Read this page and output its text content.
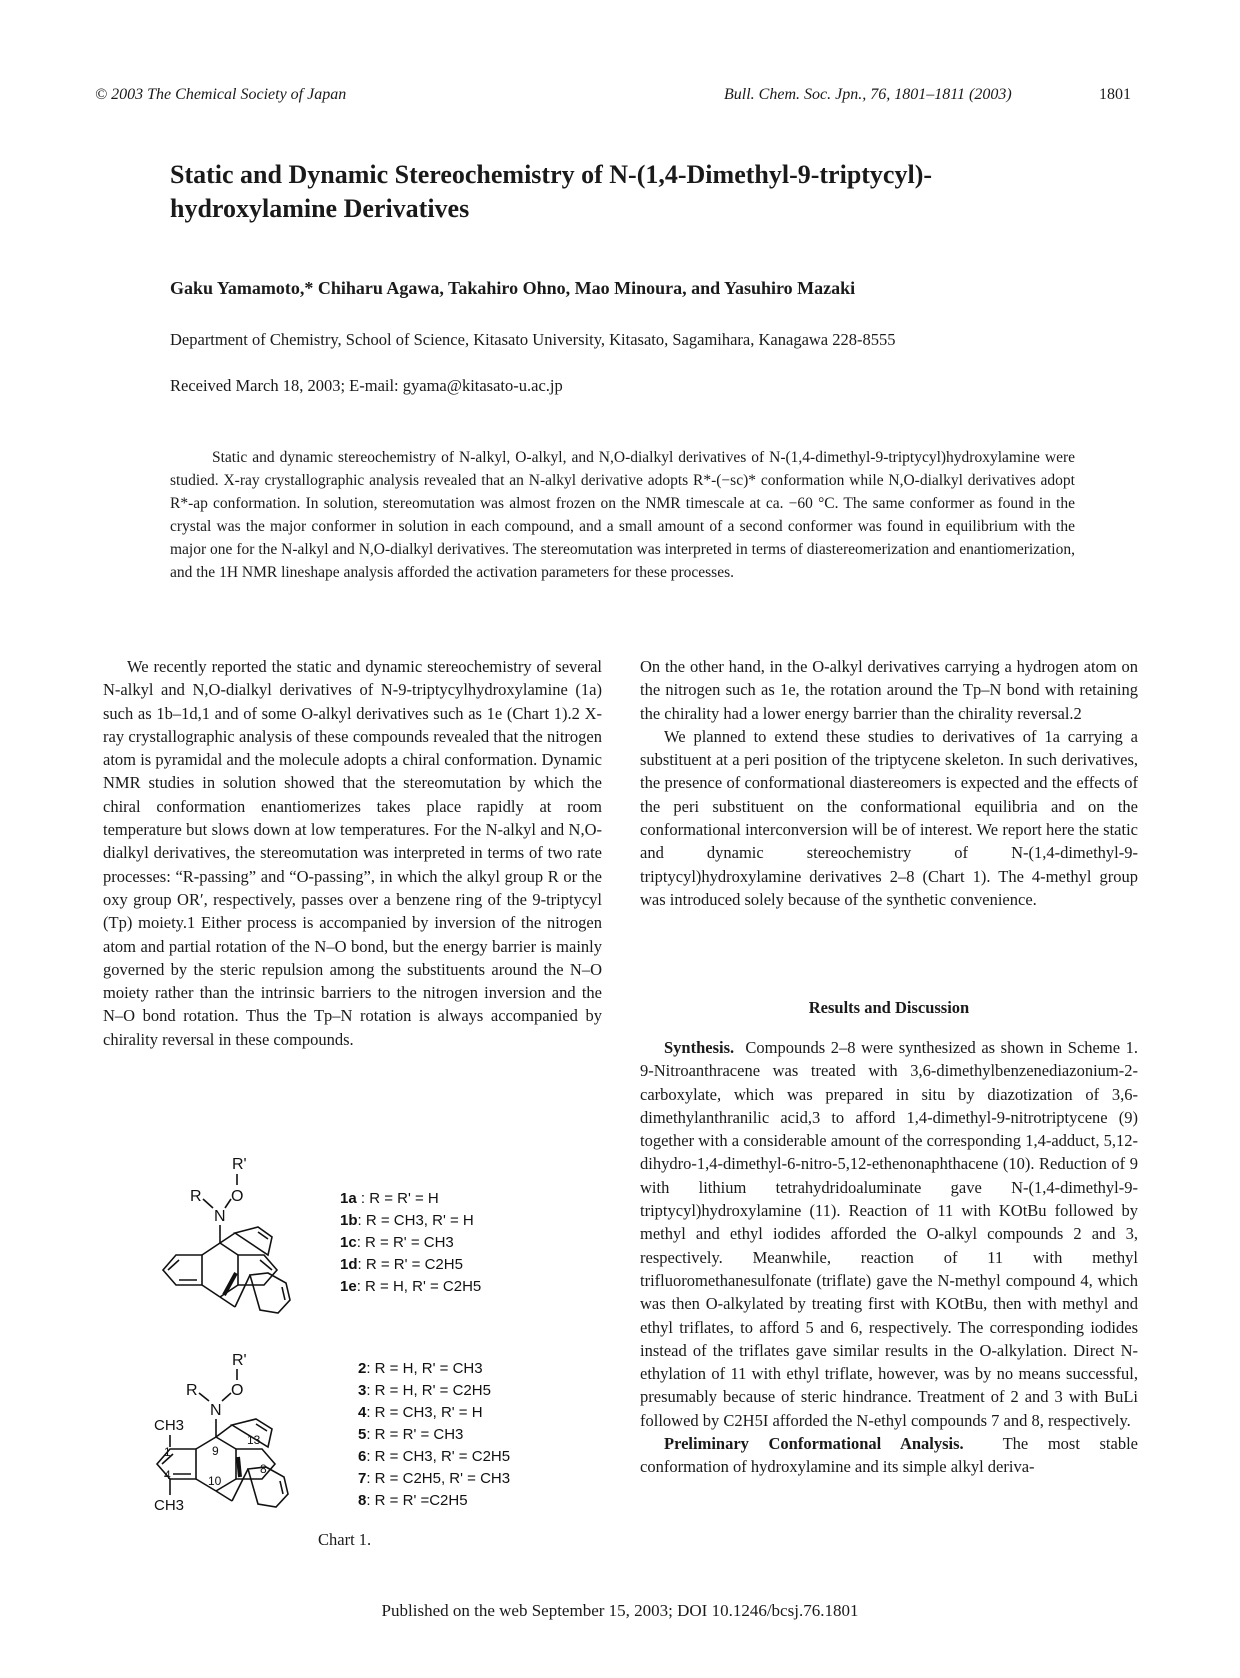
© 2003 The Chemical Society of Japan	Bull. Chem. Soc. Jpn., 76, 1801–1811 (2003)	1801
Static and Dynamic Stereochemistry of N-(1,4-Dimethyl-9-triptycyl)-hydroxylamine Derivatives
Gaku Yamamoto,* Chiharu Agawa, Takahiro Ohno, Mao Minoura, and Yasuhiro Mazaki
Department of Chemistry, School of Science, Kitasato University, Kitasato, Sagamihara, Kanagawa 228-8555
Received March 18, 2003; E-mail: gyama@kitasato-u.ac.jp
Static and dynamic stereochemistry of N-alkyl, O-alkyl, and N,O-dialkyl derivatives of N-(1,4-dimethyl-9-triptycyl)hydroxylamine were studied. X-ray crystallographic analysis revealed that an N-alkyl derivative adopts R*-(−sc)* conformation while N,O-dialkyl derivatives adopt R*-ap conformation. In solution, stereomutation was almost frozen on the NMR timescale at ca. −60 °C. The same conformer as found in the crystal was the major conformer in solution in each compound, and a small amount of a second conformer was found in equilibrium with the major one for the N-alkyl and N,O-dialkyl derivatives. The stereomutation was interpreted in terms of diastereomerization and enantiomerization, and the 1H NMR lineshape analysis afforded the activation parameters for these processes.

We recently reported the static and dynamic stereochemistry of several N-alkyl and N,O-dialkyl derivatives of N-9-triptycylhydroxylamine (1a) such as 1b–1d,1 and of some O-alkyl derivatives such as 1e (Chart 1).2 X-ray crystallographic analysis of these compounds revealed that the nitrogen atom is pyramidal and the molecule adopts a chiral conformation. Dynamic NMR studies in solution showed that the stereomutation by which the chiral conformation enantiomerizes takes place rapidly at room temperature but slows down at low temperatures. For the N-alkyl and N,O-dialkyl derivatives, the stereomutation was interpreted in terms of two rate processes: “R-passing” and “O-passing”, in which the alkyl group R or the oxy group OR′, respectively, passes over a benzene ring of the 9-triptycyl (Tp) moiety.1 Either process is accompanied by inversion of the nitrogen atom and partial rotation of the N–O bond, but the energy barrier is mainly governed by the steric repulsion among the substituents around the N–O moiety rather than the intrinsic barriers to the nitrogen inversion and the N–O bond rotation. Thus the Tp–N rotation is always accompanied by chirality reversal in these compounds.

On the other hand, in the O-alkyl derivatives carrying a hydrogen atom on the nitrogen such as 1e, the rotation around the Tp–N bond with retaining the chirality had a lower energy barrier than the chirality reversal.2

We planned to extend these studies to derivatives of 1a carrying a substituent at a peri position of the triptycene skeleton. In such derivatives, the presence of conformational diastereomers is expected and the effects of the peri substituent on the conformational equilibria and on the conformational interconversion will be of interest. We report here the static and dynamic stereochemistry of N-(1,4-dimethyl-9-triptycyl)hydroxylamine derivatives 2–8 (Chart 1). The 4-methyl group was introduced solely because of the synthetic convenience.

Results and Discussion

Synthesis. Compounds 2–8 were synthesized as shown in Scheme 1. 9-Nitroanthracene was treated with 3,6-dimethylbenzenediazonium-2-carboxylate, which was prepared in situ by diazotization of 3,6-dimethylanthranilic acid,3 to afford 1,4-dimethyl-9-nitrotriptycene (9) together with a considerable amount of the corresponding 1,4-adduct, 5,12-dihydro-1,4-dimethyl-6-nitro-5,12-ethenonaphthacene (10). Reduction of 9 with lithium tetrahydridoaluminate gave N-(1,4-dimethyl-9-triptycyl)hydroxylamine (11). Reaction of 11 with KOtBu followed by methyl and ethyl iodides afforded the O-alkyl compounds 2 and 3, respectively. Meanwhile, reaction of 11 with methyl trifluoromethanesulfonate (triflate) gave the N-methyl compound 4, which was then O-alkylated by treating first with KOtBu, then with methyl and ethyl triflates, to afford 5 and 6, respectively. The corresponding iodides instead of the triflates gave similar results in the O-alkylation. Direct N-ethylation of 11 with ethyl triflate, however, was by no means successful, presumably because of steric hindrance. Treatment of 2 and 3 with BuLi followed by C2H5I afforded the N-ethyl compounds 7 and 8, respectively.

Preliminary Conformational Analysis. The most stable conformation of hydroxylamine and its simple alkyl deriva-

R'
O
R
N
1a : R = R' = H
1b: R = CH3, R' = H
1c: R = R' = CH3
1d: R = R' = C2H5
1e: R = H, R' = C2H5
R'
O
R
N
CH3
CH3
1
4
9
10
8
13
2: R = H, R' = CH3
3: R = H, R' = C2H5
4: R = CH3, R' = H
5: R = R' = CH3
6: R = CH3, R' = C2H5
7: R = C2H5, R' = CH3
8: R = R' =C2H5
Chart 1.
Published on the web September 15, 2003; DOI 10.1246/bcsj.76.1801
